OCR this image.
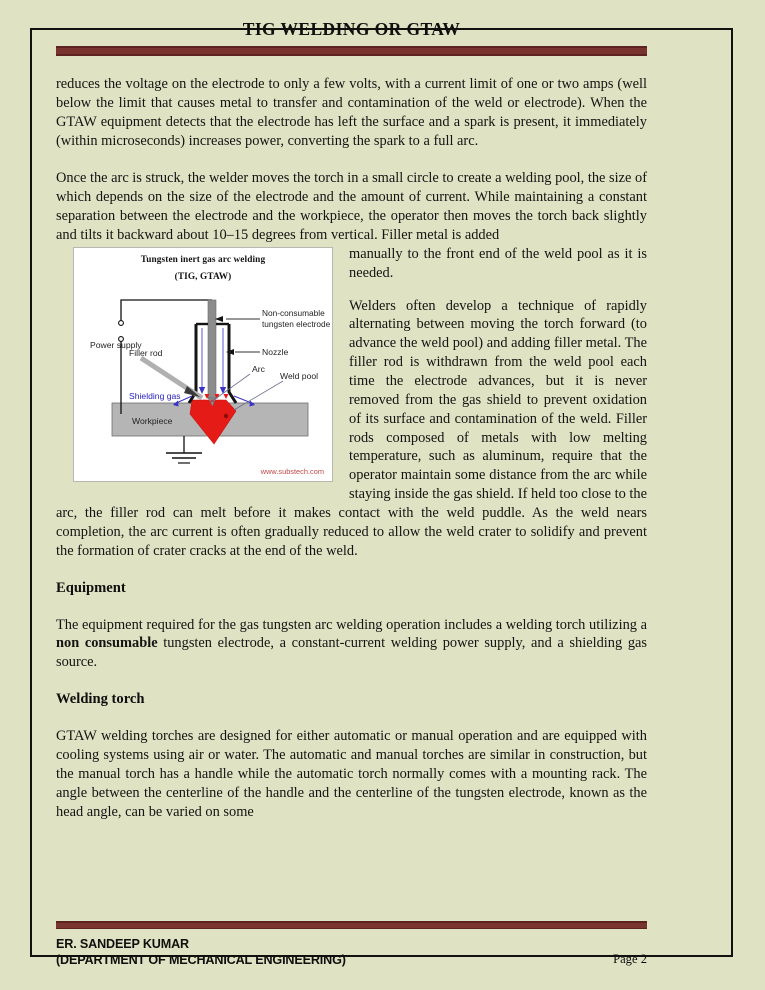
TIG WELDING OR GTAW

reduces the voltage on the electrode to only a few volts, with a current limit of one or two amps (well below the limit that causes metal to transfer and contamination of the weld or electrode). When the GTAW equipment detects that the electrode has left the surface and a spark is present, it immediately (within microseconds) increases power, converting the spark to a full arc.

Once the arc is struck, the welder moves the torch in a small circle to create a welding pool, the size of which depends on the size of the electrode and the amount of current. While maintaining a constant separation between the electrode and the workpiece, the operator then moves the torch back slightly and tilts it backward about 10–15 degrees from vertical. Filler metal is added

Tungsten inert gas arc welding
(TIG, GTAW)
Power supply
Filler rod
Shielding gas
Workpiece
Non-consumable
tungsten electrode
Nozzle
Arc
Weld pool
www.substech.com

manually to the front end of the weld pool as it is needed.

Welders often develop a technique of rapidly alternating between moving the torch forward (to advance the weld pool) and adding filler metal. The filler rod is withdrawn from the weld pool each time the electrode advances, but it is never removed from the gas shield to prevent oxidation of its surface and contamination of the weld. Filler rods composed of metals with low melting temperature, such as aluminum, require that the operator maintain some distance from the arc while staying inside the gas shield. If held too close to the arc, the filler rod can melt before it makes contact with the weld puddle. As the weld nears completion, the arc current is often gradually reduced to allow the weld crater to solidify and prevent the formation of crater cracks at the end of the weld.

Equipment

The equipment required for the gas tungsten arc welding operation includes a welding torch utilizing a non consumable tungsten electrode, a constant-current welding power supply, and a shielding gas source.

Welding torch

GTAW welding torches are designed for either automatic or manual operation and are equipped with cooling systems using air or water. The automatic and manual torches are similar in construction, but the manual torch has a handle while the automatic torch normally comes with a mounting rack. The angle between the centerline of the handle and the centerline of the tungsten electrode, known as the head angle, can be varied on some

ER. SANDEEP KUMAR
(DEPARTMENT OF MECHANICAL ENGINEERING)	Page 2
